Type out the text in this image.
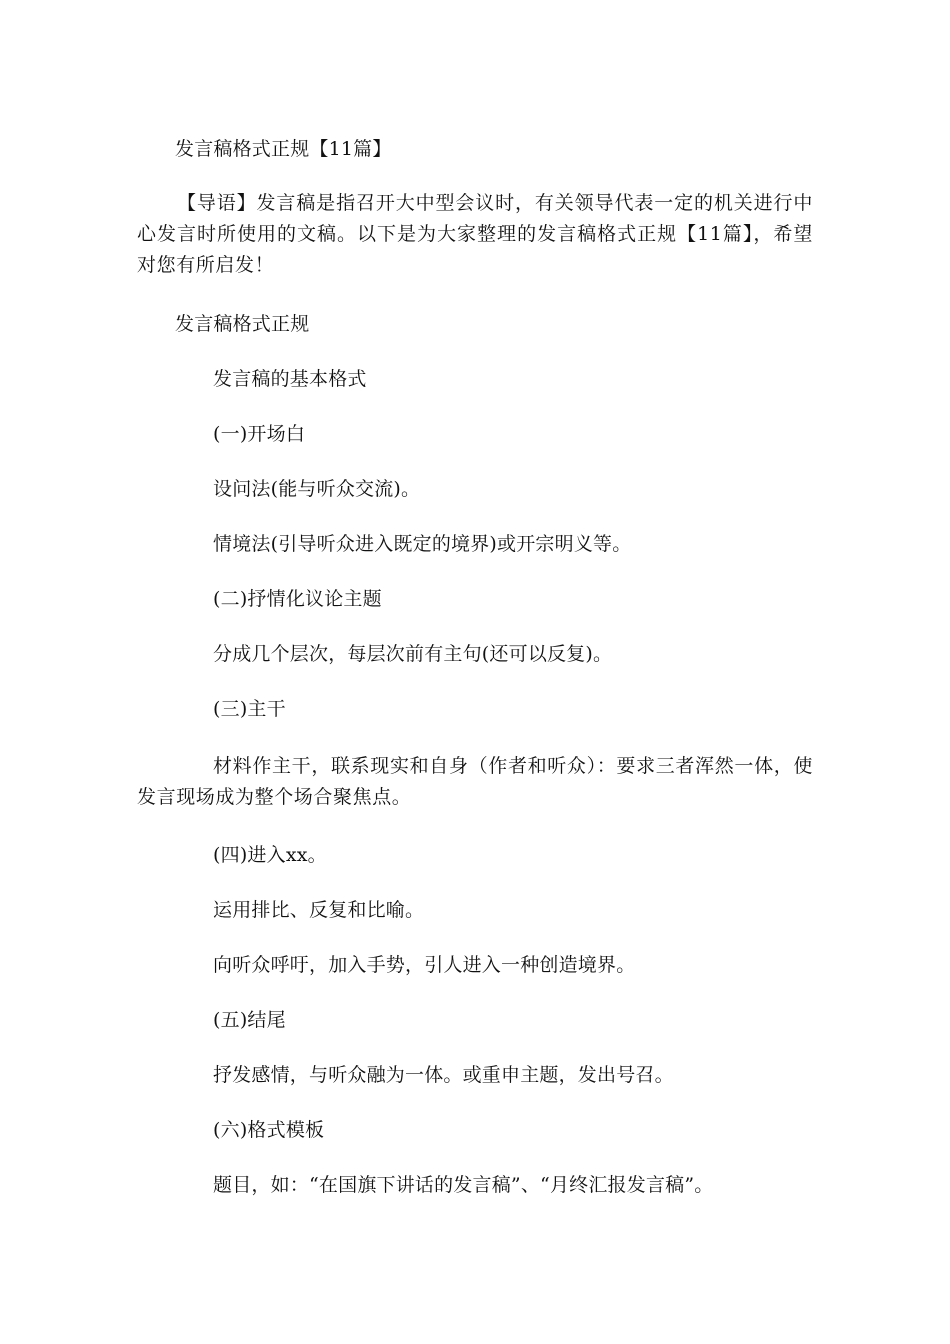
发言稿格式正规【11篇】
【导语】发言稿是指召开大中型会议时，有关领导代表一定的机关进行中心发言时所使用的文稿。以下是为大家整理的发言稿格式正规【11篇】，希望对您有所启发！
发言稿格式正规
发言稿的基本格式
(一)开场白
设问法(能与听众交流)。
情境法(引导听众进入既定的境界)或开宗明义等。
(二)抒情化议论主题
分成几个层次，每层次前有主句(还可以反复)。
(三)主干
材料作主干，联系现实和自身（作者和听众）：要求三者浑然一体，使发言现场成为整个场合聚焦点。
(四)进入xx。
运用排比、反复和比喻。
向听众呼吁，加入手势，引人进入一种创造境界。
(五)结尾
抒发感情，与听众融为一体。或重申主题，发出号召。
(六)格式模板
题目，如：“在国旗下讲话的发言稿”、“月终汇报发言稿”。
